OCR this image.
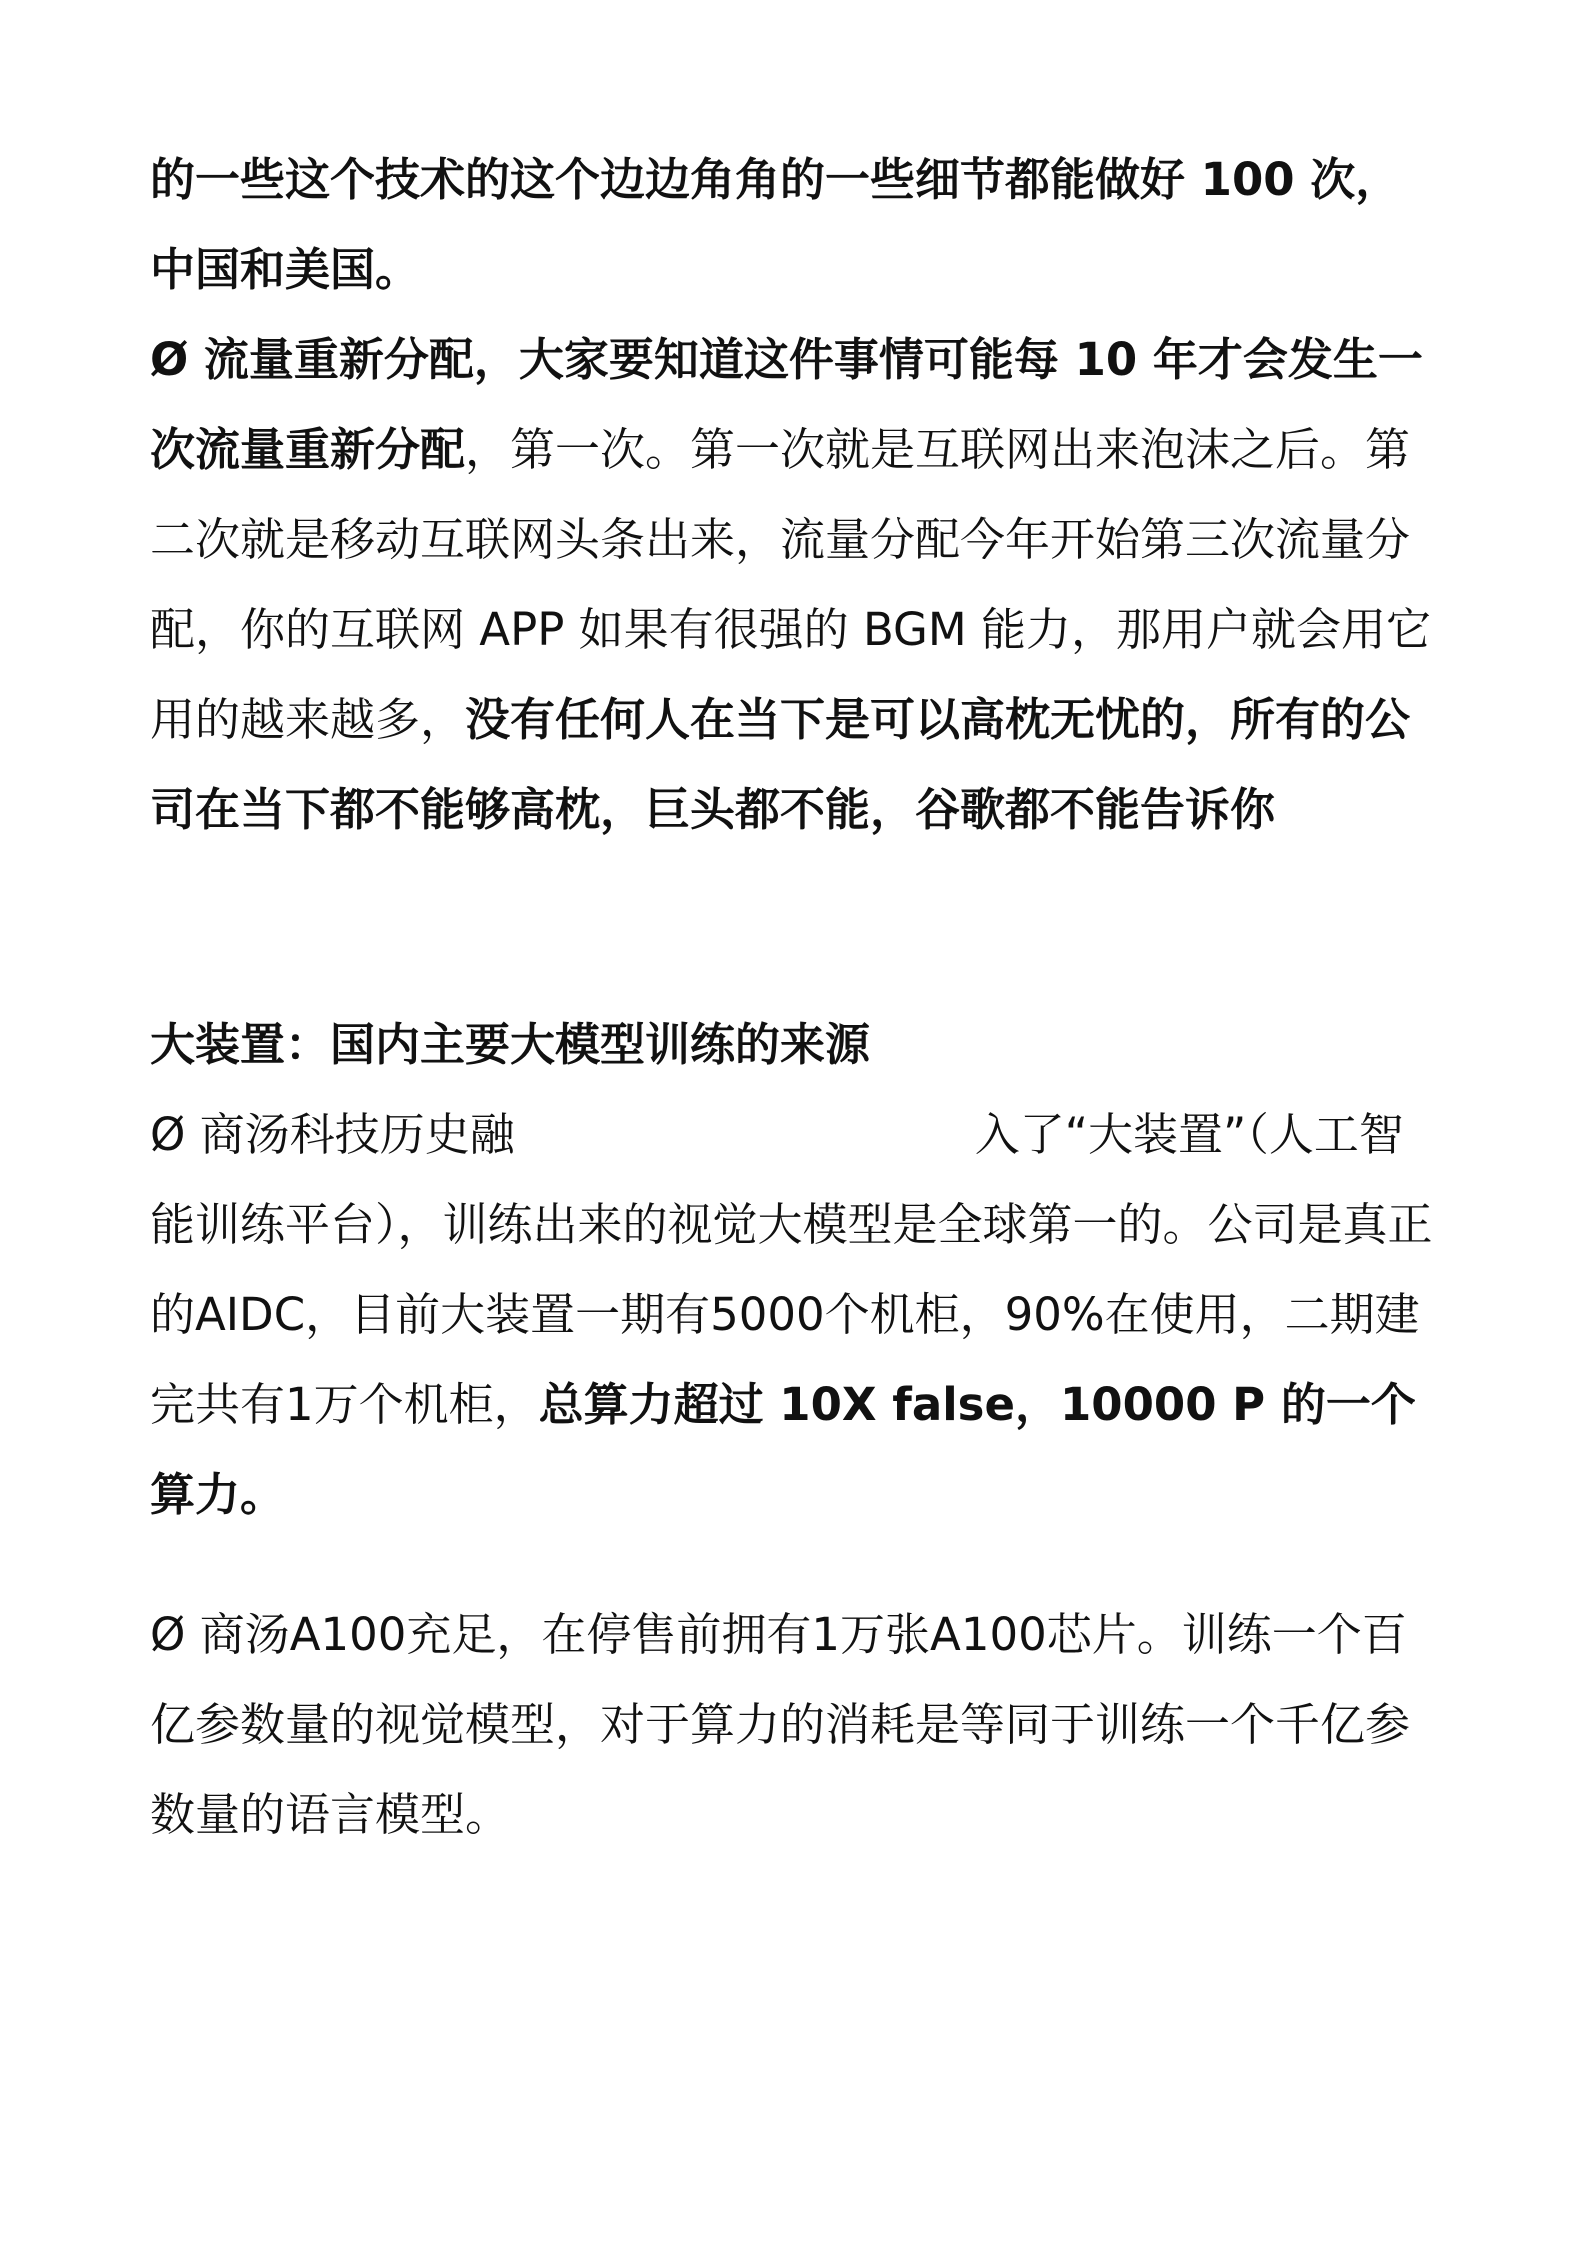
的一些这个技术的这个边边角角的一些细节都能做好 100 次，中国和美国。

Ø 流量重新分配，大家要知道这件事情可能每 10 年才会发生一次流量重新分配，第一次。第一次就是互联网出来泡沫之后。第二次就是移动互联网头条出来，流量分配今年开始第三次流量分配，你的互联网 APP 如果有很强的 BGM 能力，那用户就会用它用的越来越多，没有任何人在当下是可以高枕无忧的，所有的公司在当下都不能够高枕，巨头都不能，谷歌都不能告诉你

大装置：国内主要大模型训练的来源

Ø 商汤科技历史融	入了“大装置”（人工智能训练平台），训练出来的视觉大模型是全球第一的。公司是真正的AIDC，目前大装置一期有5000个机柜，90%在使用，二期建完共有1万个机柜，总算力超过 10X false，10000 P 的一个算力。

Ø 商汤A100充足，在停售前拥有1万张A100芯片。训练一个百亿参数量的视觉模型，对于算力的消耗是等同于训练一个千亿参数量的语言模型。
